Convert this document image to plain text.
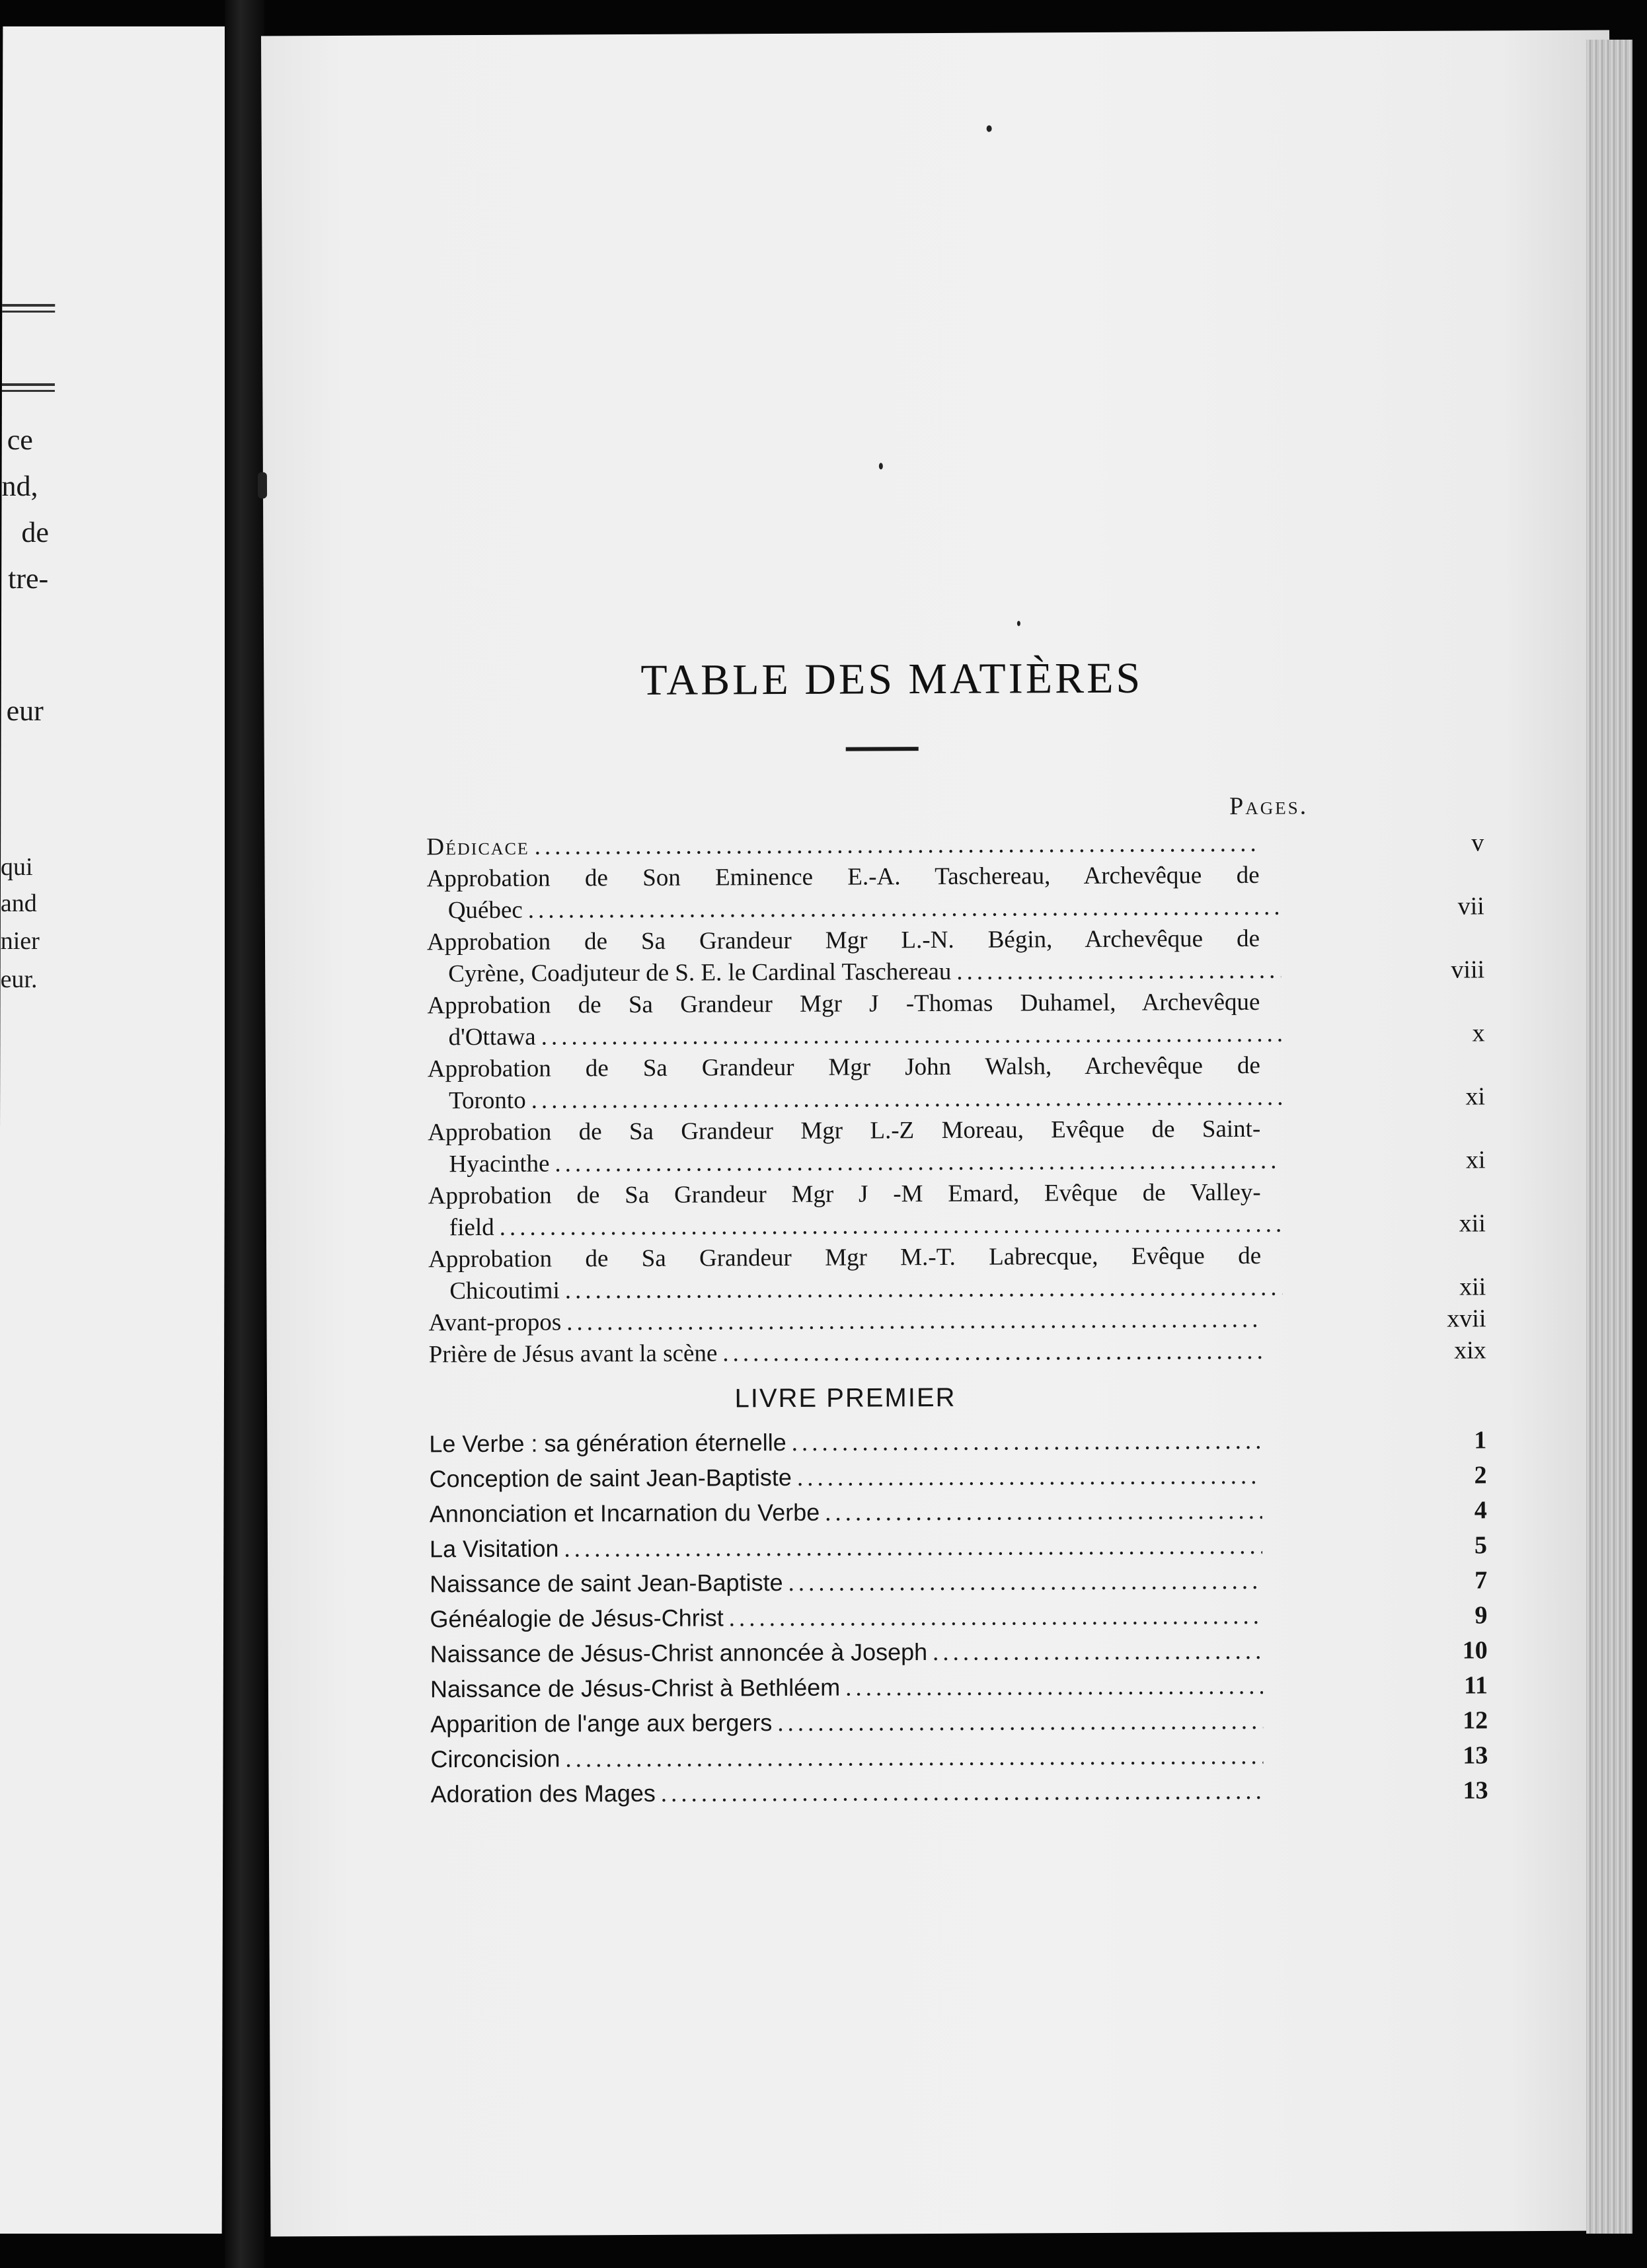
ce
nd,
de
tre-
eur
qui
and
nier
eur.
TABLE DES MATIÈRES
Pages.
Dédicace .....	v
Approbation de Son Eminence E.-A. Taschereau, Archevêque de
Québec .....	vii
Approbation de Sa Grandeur Mgr L.-N. Bégin, Archevêque de
Cyrène, Coadjuteur de S. E. le Cardinal Taschereau .....	viii
Approbation de Sa Grandeur Mgr J -Thomas Duhamel, Archevêque
d'Ottawa .....	x
Approbation de Sa Grandeur Mgr John Walsh, Archevêque de
Toronto .....	xi
Approbation de Sa Grandeur Mgr L.-Z Moreau, Evêque de Saint-
Hyacinthe .....	xi
Approbation de Sa Grandeur Mgr J -M Emard, Evêque de Valley-
field .....	xii
Approbation de Sa Grandeur Mgr M.-T. Labrecque, Evêque de
Chicoutimi .....	xii
Avant-propos .....	xvii
Prière de Jésus avant la scène .....	xix
LIVRE PREMIER
Le Verbe : sa génération éternelle .....	1
Conception de saint Jean-Baptiste .....	2
Annonciation et Incarnation du Verbe .....	4
La Visitation .....	5
Naissance de saint Jean-Baptiste .....	7
Généalogie de Jésus-Christ .....	9
Naissance de Jésus-Christ annoncée à Joseph .....	10
Naissance de Jésus-Christ à Bethléem .....	11
Apparition de l'ange aux bergers .....	12
Circoncision .....	13
Adoration des Mages .....	13
